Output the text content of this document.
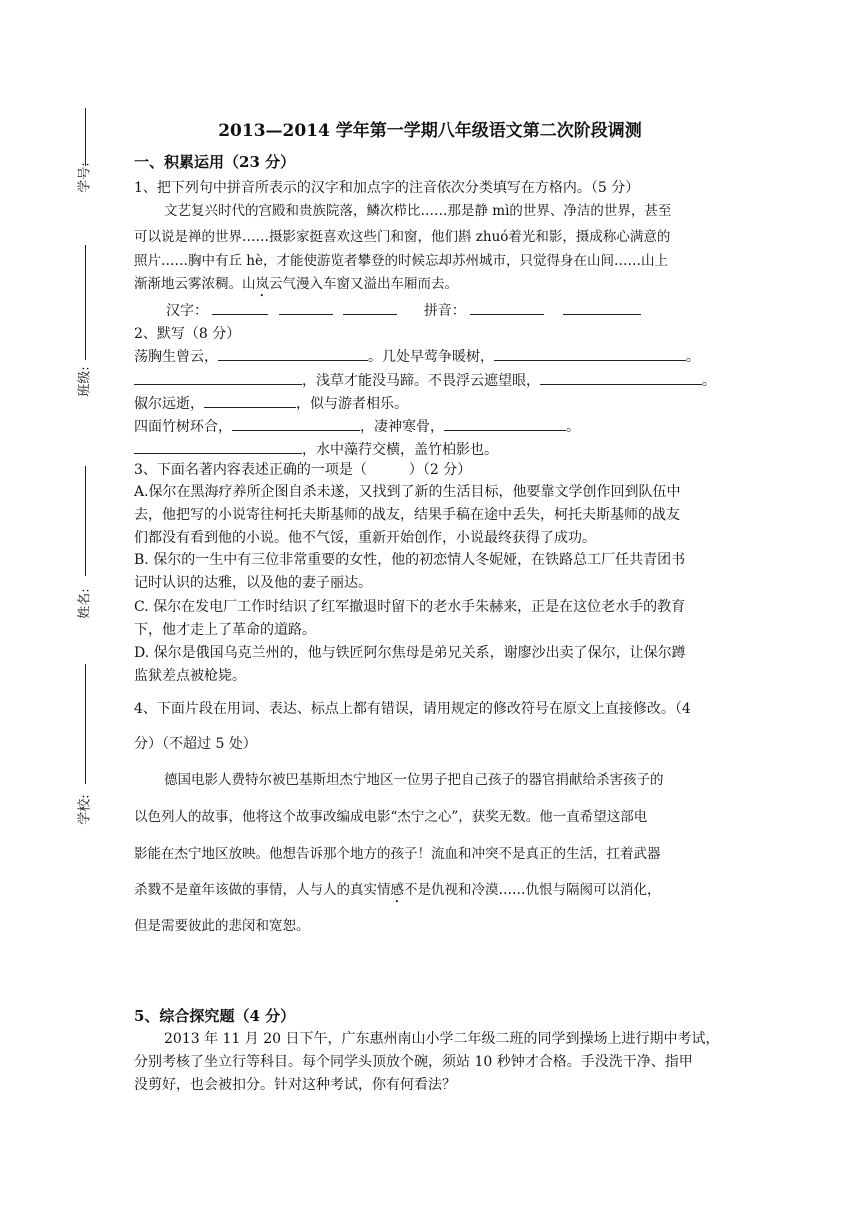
学号:
班级:
姓名:
学校:
2013—2014 学年第一学期八年级语文第二次阶段调测
一、积累运用（23 分）
1、把下列句中拼音所表示的汉字和加点字的注音依次分类填写在方格内。（5 分）
文艺复兴时代的宫殿和贵族院落，鳞次栉比……那是静 mì的世界、净洁的世界，甚至
可以说是禅的世界……摄影家挺喜欢这些门和窗，他们斟 zhuó着光和影，摄成称心满意的
照片……胸中有丘 hè，才能使游览者攀登的时候忘却苏州城市，只觉得身在山间……山上
渐渐地云雾浓稠。山岚云气漫入车窗又溢出车厢而去。
汉字：	拼音：
2、默写（8 分）
荡胸生曾云，	。几处早莺争暖树，	。
，浅草才能没马蹄。不畏浮云遮望眼，	。
俶尔远逝，	，似与游者相乐。
四面竹树环合，	，凄神寒骨，	。
，水中藻荇交横，盖竹柏影也。
3、下面名著内容表述正确的一项是（　　　）（2 分）
A.保尔在黑海疗养所企图自杀未遂，又找到了新的生活目标，他要靠文学创作回到队伍中
去，他把写的小说寄往柯托夫斯基师的战友，结果手稿在途中丢失，柯托夫斯基师的战友
们都没有看到他的小说。他不气馁，重新开始创作，小说最终获得了成功。
B. 保尔的一生中有三位非常重要的女性，他的初恋情人冬妮娅，在铁路总工厂任共青团书
记时认识的达雅，以及他的妻子丽达。
C. 保尔在发电厂工作时结识了红军撤退时留下的老水手朱赫来，正是在这位老水手的教育
下，他才走上了革命的道路。
D. 保尔是俄国乌克兰州的，他与铁匠阿尔焦母是弟兄关系，谢廖沙出卖了保尔，让保尔蹲
监狱差点被枪毙。
4、下面片段在用词、表达、标点上都有错误，请用规定的修改符号在原文上直接修改。（4
分）（不超过 5 处）
德国电影人费特尔被巴基斯坦杰宁地区一位男子把自己孩子的器官捐献给杀害孩子的
以色列人的故事，他将这个故事改编成电影“杰宁之心”，获奖无数。他一直希望这部电
影能在杰宁地区放映。他想告诉那个地方的孩子！流血和冲突不是真正的生活，扛着武器
杀戮不是童年该做的事情，人与人的真实情感不是仇视和冷漠……仇恨与隔阂可以消化，
但是需要彼此的悲闵和宽恕。
5、综合探究题（4 分）
2013 年 11 月 20 日下午，广东惠州南山小学二年级二班的同学到操场上进行期中考试，
分别考核了坐立行等科目。每个同学头顶放个碗，须站 10 秒钟才合格。手没洗干净、指甲
没剪好，也会被扣分。针对这种考试，你有何看法？
